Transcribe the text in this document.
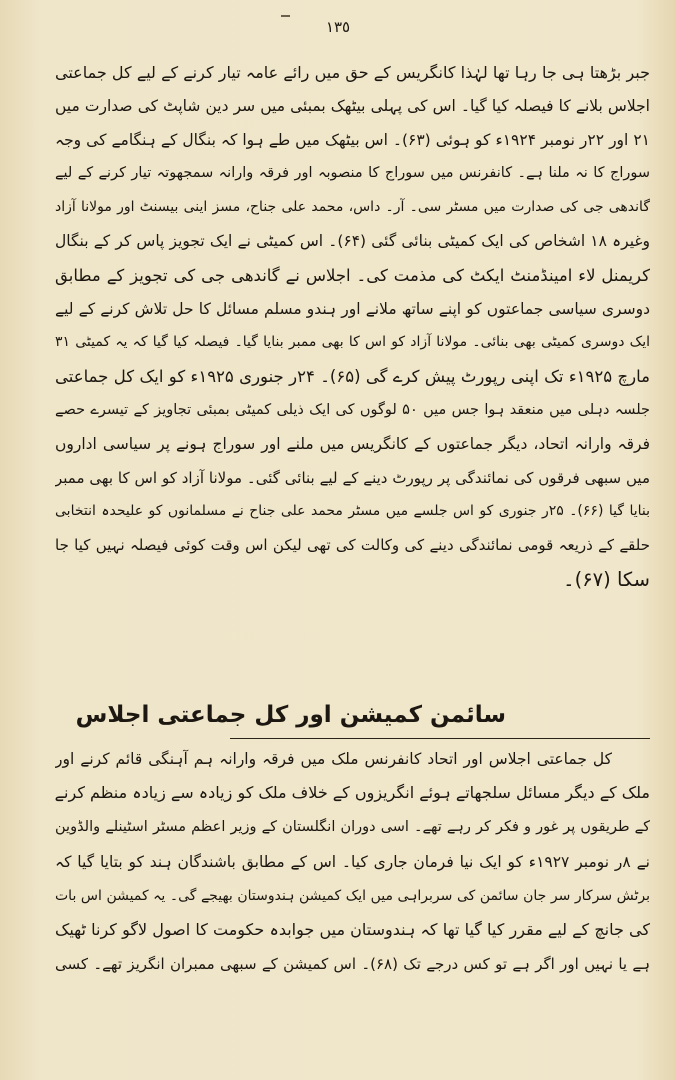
١٣٥
جبر بڑھتا ہی جا رہا تھا لہٰذا کانگریس کے حق میں رائے عامہ تیار کرنے کے لیے کل جماعتی
اجلاس بلانے کا فیصلہ کیا گیا۔ اس کی پہلی بیٹھک بمبئی میں سر دین شاپٹ کی صدارت میں
۲۱ اور ۲۲ر نومبر ۱۹۲۴ء کو ہوئی (۶۳)۔ اس بیٹھک میں طے ہوا کہ بنگال کے ہنگامے کی وجہ
سوراج کا نہ ملنا ہے۔ کانفرنس میں سوراج کا منصوبہ اور فرقہ وارانہ سمجھوتہ تیار کرنے کے لیے
گاندھی جی کی صدارت میں مسٹر سی۔ آر۔ داس، محمد علی جناح، مسز اینی بیسنٹ اور مولانا آزاد
وغیرہ ۱۸ اشخاص کی ایک کمیٹی بنائی گئی (۶۴)۔ اس کمیٹی نے ایک تجویز پاس کر کے بنگال
کریمنل لاء امینڈمنٹ ایکٹ کی مذمت کی۔ اجلاس نے گاندھی جی کی تجویز کے مطابق
دوسری سیاسی جماعتوں کو اپنے ساتھ ملانے اور ہندو مسلم مسائل کا حل تلاش کرنے کے لیے
ایک دوسری کمیٹی بھی بنائی۔ مولانا آزاد کو اس کا بھی ممبر بنایا گیا۔ فیصلہ کیا گیا کہ یہ کمیٹی ۳۱
مارچ ۱۹۲۵ء تک اپنی رپورٹ پیش کرے گی (۶۵)۔ ۲۴ر جنوری ۱۹۲۵ء کو ایک کل جماعتی
جلسہ دہلی میں منعقد ہوا جس میں ۵۰ لوگوں کی ایک ذیلی کمیٹی بمبئی تجاویز کے تیسرے حصے
فرقہ وارانہ اتحاد، دیگر جماعتوں کے کانگریس میں ملنے اور سوراج ہونے پر سیاسی اداروں
میں سبھی فرقوں کی نمائندگی پر رپورٹ دینے کے لیے بنائی گئی۔ مولانا آزاد کو اس کا بھی ممبر
بنایا گیا (۶۶)۔ ۲۵ر جنوری کو اس جلسے میں مسٹر محمد علی جناح نے مسلمانوں کو علیحدہ انتخابی
حلقے کے ذریعہ قومی نمائندگی دینے کی وکالت کی تھی لیکن اس وقت کوئی فیصلہ نہیں کیا جا
سکا (۶۷)۔
سائمن کمیشن اور کل جماعتی اجلاس
کل جماعتی اجلاس اور اتحاد کانفرنس ملک میں فرقہ وارانہ ہم آہنگی قائم کرنے اور
ملک کے دیگر مسائل سلجھاتے ہوئے انگریزوں کے خلاف ملک کو زیادہ سے زیادہ منظم کرنے
کے طریقوں پر غور و فکر کر رہے تھے۔ اسی دوران انگلستان کے وزیر اعظم مسٹر اسٹینلے والڈوین
نے ۸ر نومبر ۱۹۲۷ء کو ایک نیا فرمان جاری کیا۔ اس کے مطابق باشندگان ہند کو بتایا گیا کہ
برٹش سرکار سر جان سائمن کی سربراہی میں ایک کمیشن ہندوستان بھیجے گی۔ یہ کمیشن اس بات
کی جانچ کے لیے مقرر کیا گیا تھا کہ ہندوستان میں جوابدہ حکومت کا اصول لاگو کرنا ٹھیک
ہے یا نہیں اور اگر ہے تو کس درجے تک (۶۸)۔ اس کمیشن کے سبھی ممبران انگریز تھے۔ کسی
